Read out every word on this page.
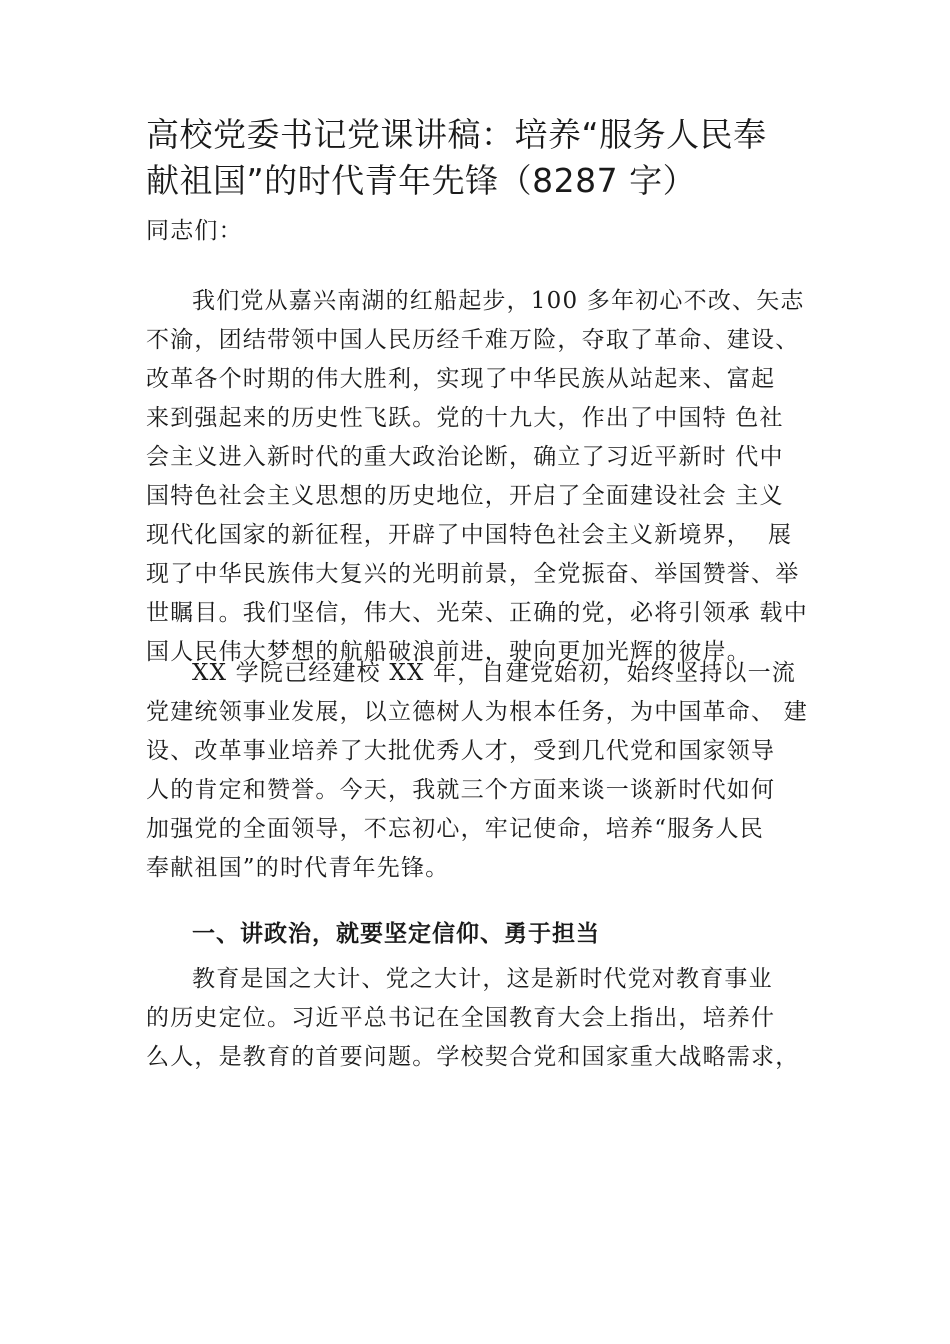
高校党委书记党课讲稿：培养“服务人民奉
献祖国”的时代青年先锋（8287 字）
同志们：
我们党从嘉兴南湖的红船起步，100 多年初心不改、矢志
不渝，团结带领中国人民历经千难万险，夺取了革命、建设、
改革各个时期的伟大胜利，实现了中华民族从站起来、富起
来到强起来的历史性飞跃。党的十九大，作出了中国特 色社
会主义进入新时代的重大政治论断，确立了习近平新时 代中
国特色社会主义思想的历史地位，开启了全面建设社会 主义
现代化国家的新征程，开辟了中国特色社会主义新境界，  展
现了中华民族伟大复兴的光明前景，全党振奋、举国赞誉、举
世瞩目。我们坚信，伟大、光荣、正确的党，必将引领承 载中
国人民伟大梦想的航船破浪前进，驶向更加光辉的彼岸。
XX 学院已经建校 XX 年，自建党始初，始终坚持以一流
党建统领事业发展，以立德树人为根本任务，为中国革命、 建
设、改革事业培养了大批优秀人才，受到几代党和国家领导
人的肯定和赞誉。今天，我就三个方面来谈一谈新时代如何
加强党的全面领导，不忘初心，牢记使命，培养“服务人民
奉献祖国”的时代青年先锋。
一、讲政治，就要坚定信仰、勇于担当
教育是国之大计、党之大计，这是新时代党对教育事业
的历史定位。习近平总书记在全国教育大会上指出，培养什
么人，是教育的首要问题。学校契合党和国家重大战略需求，
